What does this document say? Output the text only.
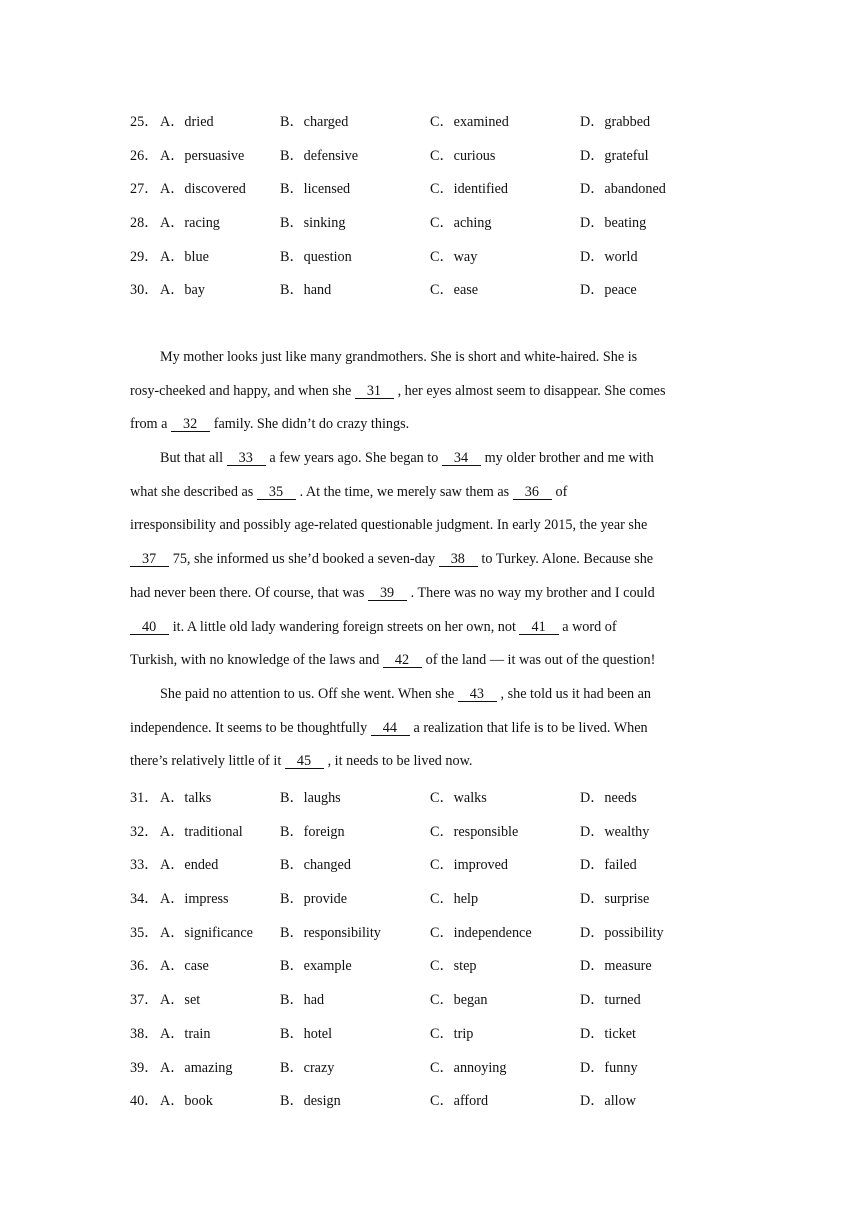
25． A．dried	B．charged	C．examined	D．grabbed
26． A．persuasive	B．defensive	C．curious	D．grateful
27． A．discovered B．licensed	C．identified	D．abandoned
28． A．racing	B．sinking	C．aching	D．beating
29． A．blue	B．question	C．way	D．world
30． A．bay	B．hand	C．ease	D．peace
My mother looks just like many grandmothers. She is short and white-haired. She is
rosy-cheeked and happy, and when she 31 , her eyes almost seem to disappear. She comes
from a 32 family. She didn’t do crazy things.
But that all 33 a few years ago. She began to 34 my older brother and me with
what she described as 35 . At the time, we merely saw them as 36 of
irresponsibility and possibly age-related questionable judgment. In early 2015, the year she
37 75, she informed us she’d booked a seven-day 38 to Turkey. Alone. Because she
had never been there. Of course, that was 39 . There was no way my brother and I could
40 it. A little old lady wandering foreign streets on her own, not 41 a word of
Turkish, with no knowledge of the laws and 42 of the land — it was out of the question!
She paid no attention to us. Off she went. When she 43 , she told us it had been an
independence. It seems to be thoughtfully 44 a realization that life is to be lived. When
there’s relatively little of it 45 , it needs to be lived now.
31． A．talks	B．laughs	C．walks	D．needs
32． A．traditional	B．foreign	C．responsible	D．wealthy
33． A．ended	B．changed	C．improved	D．failed
34． A．impress	B．provide	C．help	D．surprise
35． A．significance B．responsibility	C．independence	D．possibility
36． A．case	B．example	C．step	D．measure
37． A．set	B．had	C．began	D．turned
38． A．train	B．hotel	C．trip	D．ticket
39． A．amazing	B．crazy	C．annoying	D．funny
40． A．book	B．design	C．afford	D．allow
